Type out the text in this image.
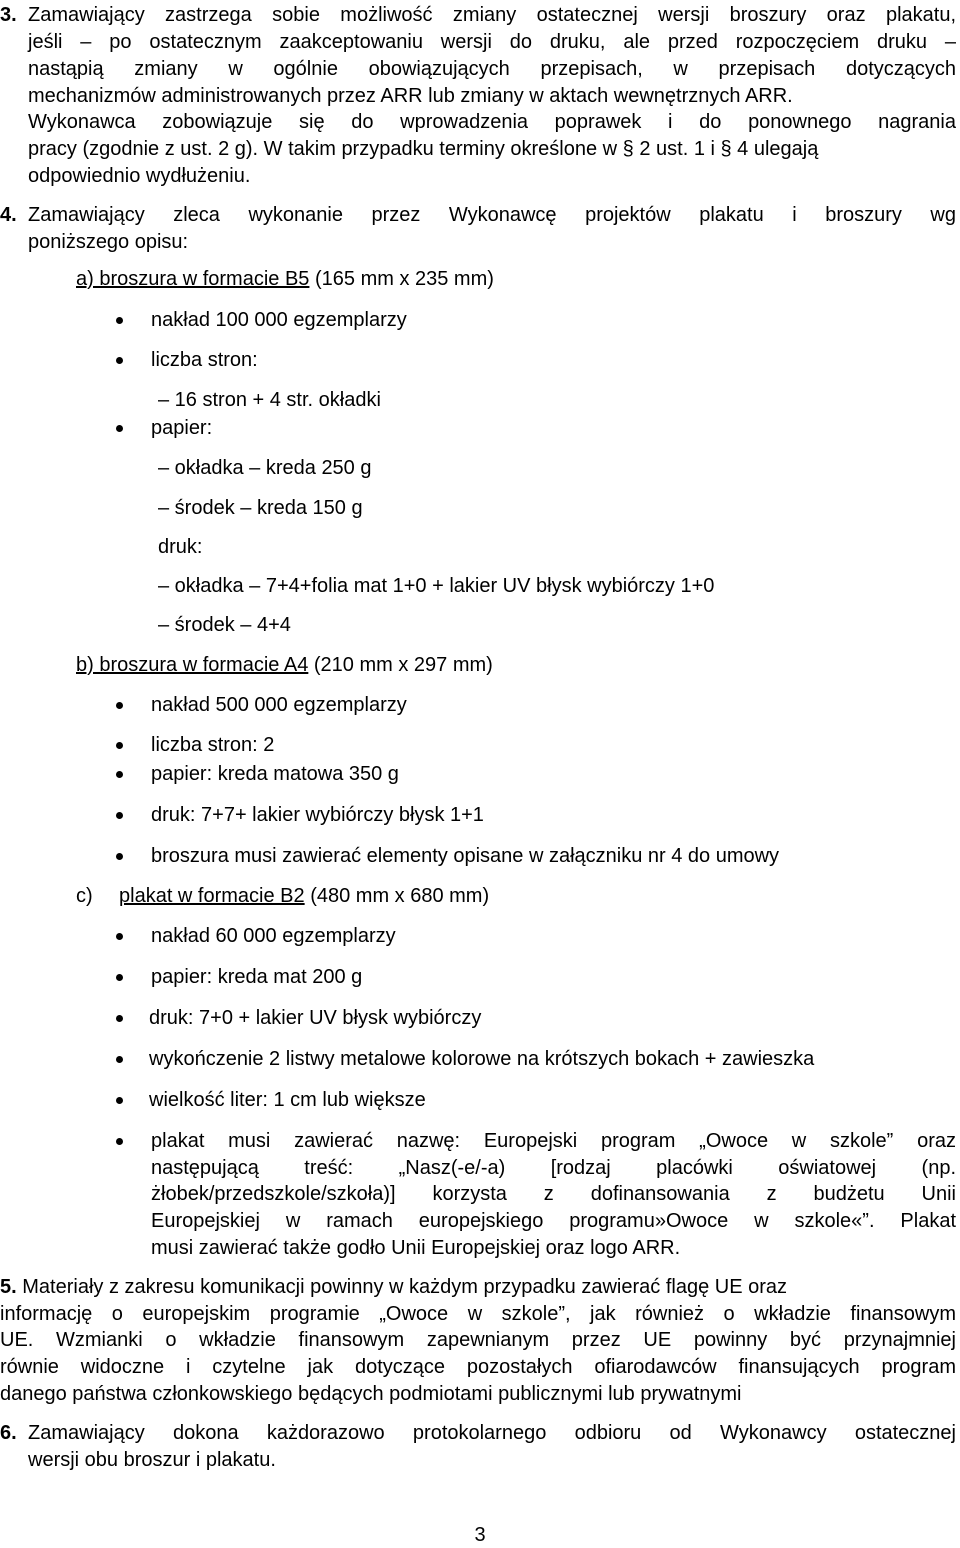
3. Zamawiający zastrzega sobie możliwość zmiany ostatecznej wersji broszury oraz plakatu,
jeśli – po ostatecznym zaakceptowaniu wersji do druku, ale przed rozpoczęciem druku –
nastąpią zmiany w ogólnie obowiązujących przepisach, w przepisach dotyczących
mechanizmów administrowanych przez ARR lub zmiany w aktach wewnętrznych ARR.
Wykonawca zobowiązuje się do wprowadzenia poprawek i do ponownego nagrania
pracy (zgodnie z ust. 2 g). W takim przypadku terminy określone w § 2 ust. 1 i § 4 ulegają
odpowiednio wydłużeniu.
4. Zamawiający zleca wykonanie przez Wykonawcę projektów plakatu i broszury wg
poniższego opisu:
a) broszura w formacie B5 (165 mm x 235 mm)
nakład 100 000 egzemplarzy
liczba stron:
– 16 stron + 4 str. okładki
papier:
– okładka – kreda 250 g
– środek – kreda 150 g
druk:
– okładka – 7+4+folia mat 1+0 + lakier UV błysk wybiórczy 1+0
– środek – 4+4
b) broszura w formacie A4 (210 mm x 297 mm)
nakład 500 000 egzemplarzy
liczba stron: 2
papier: kreda matowa 350 g
druk: 7+7+ lakier wybiórczy błysk 1+1
broszura musi zawierać elementy opisane w załączniku nr 4 do umowy
c) plakat w formacie B2 (480 mm x 680 mm)
nakład 60 000 egzemplarzy
papier: kreda mat 200 g
druk: 7+0 + lakier UV błysk wybiórczy
wykończenie 2 listwy metalowe kolorowe na krótszych bokach + zawieszka
wielkość liter: 1 cm lub większe
plakat musi zawierać nazwę: Europejski program „Owoce w szkole” oraz
następującą treść: „Nasz(-e/-a) [rodzaj placówki oświatowej (np.
żłobek/przedszkole/szkoła)] korzysta z dofinansowania z budżetu Unii
Europejskiej w ramach europejskiego programu»Owoce w szkole«”. Plakat
musi zawierać także godło Unii Europejskiej oraz logo ARR.
5. Materiały z zakresu komunikacji powinny w każdym przypadku zawierać flagę UE oraz
informację o europejskim programie „Owoce w szkole”, jak również o wkładzie finansowym
UE. Wzmianki o wkładzie finansowym zapewnianym przez UE powinny być przynajmniej
równie widoczne i czytelne jak dotyczące pozostałych ofiarodawców finansujących program
danego państwa członkowskiego będących podmiotami publicznymi lub prywatnymi
6. Zamawiający dokona każdorazowo protokolarnego odbioru od Wykonawcy ostatecznej
wersji obu broszur i plakatu.
3
